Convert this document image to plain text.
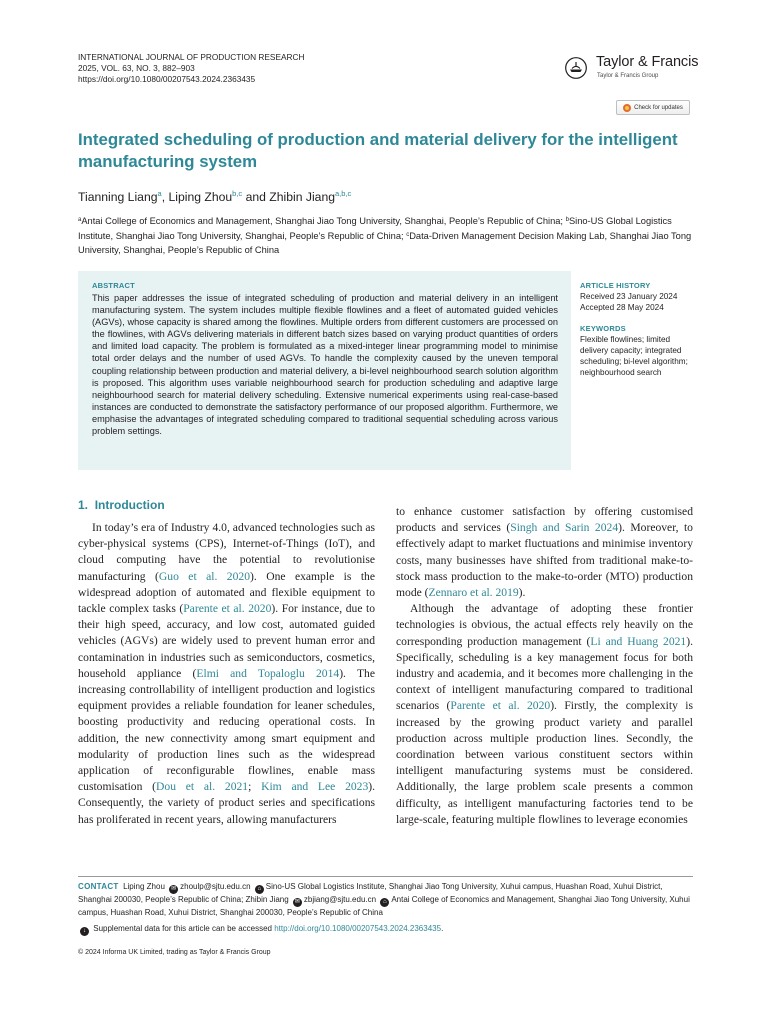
INTERNATIONAL JOURNAL OF PRODUCTION RESEARCH
2025, VOL. 63, NO. 3, 882–903
https://doi.org/10.1080/00207543.2024.2363435
Taylor & Francis
Taylor & Francis Group
Check for updates
Integrated scheduling of production and material delivery for the intelligent manufacturing system
Tianning Liang$^a$, Liping Zhou$^{b,c}$ and Zhibin Jiang$^{a,b,c}$
$^a$Antai College of Economics and Management, Shanghai Jiao Tong University, Shanghai, People’s Republic of China; $^b$Sino-US Global Logistics Institute, Shanghai Jiao Tong University, Shanghai, People’s Republic of China; $^c$Data-Driven Management Decision Making Lab, Shanghai Jiao Tong University, Shanghai, People’s Republic of China
ABSTRACT
This paper addresses the issue of integrated scheduling of production and material delivery in an intelligent manufacturing system. The system includes multiple flexible flowlines and a fleet of automated guided vehicles (AGVs), whose capacity is shared among the flowlines. Multiple orders from different customers are processed on the flowlines, with AGVs delivering materials in different batch sizes based on varying product quantities of orders and limited load capacity. The problem is formulated as a mixed-integer linear programming model to minimise total order delays and the number of used AGVs. To handle the complexity caused by the uneven temporal coupling relationship between production and material delivery, a bi-level neighbourhood search solution algorithm is proposed. This algorithm uses variable neighbourhood search for production scheduling and adaptive large neighbourhood search for material delivery scheduling. Extensive numerical experiments using real-case-based instances are conducted to demonstrate the satisfactory performance of our proposed algorithm. Furthermore, we emphasise the advantages of integrated scheduling compared to traditional sequential scheduling across various problem settings.
ARTICLE HISTORY
Received 23 January 2024
Accepted 28 May 2024
KEYWORDS
Flexible flowlines; limited delivery capacity; integrated scheduling; bi-level algorithm; neighbourhood search
1. Introduction

In today’s era of Industry 4.0, advanced technologies such as cyber-physical systems (CPS), Internet-of-Things (IoT), and cloud computing have the potential to revolutionise manufacturing (Guo et al. 2020). One example is the widespread adoption of automated and flexible equipment to tackle complex tasks (Parente et al. 2020). For instance, due to their high speed, accuracy, and low cost, automated guided vehicles (AGVs) are widely used to prevent human error and contamination in industries such as semiconductors, cosmetics, household appliance (Elmi and Topaloglu 2014). The increasing controllability of intelligent production and logistics equipment provides a reliable foundation for leaner schedules, boosting productivity and reducing operational costs. In addition, the new connectivity among smart equipment and modularity of production lines such as the widespread application of reconfigurable flowlines, enable mass customisation (Dou et al. 2021; Kim and Lee 2023). Consequently, the variety of product series and specifications has proliferated in recent years, allowing manufacturers

to enhance customer satisfaction by offering customised products and services (Singh and Sarin 2024). Moreover, to effectively adapt to market fluctuations and minimise inventory costs, many businesses have shifted from traditional make-to-stock mass production to the make-to-order (MTO) production mode (Zennaro et al. 2019).

Although the advantage of adopting these frontier technologies is obvious, the actual effects rely heavily on the corresponding production management (Li and Huang 2021). Specifically, scheduling is a key management focus for both industry and academia, and it becomes more challenging in the context of intelligent manufacturing compared to traditional scenarios (Parente et al. 2020). Firstly, the complexity is increased by the growing product variety and parallel production across multiple production lines. Secondly, the coordination between various constituent sectors within intelligent manufacturing systems must be considered. Additionally, the large problem scale presents a common difficulty, as intelligent manufacturing factories tend to be large-scale, featuring multiple flowlines to leverage economies

CONTACT Liping Zhou ✉ zhoulp@sjtu.edu.cn ⌂ Sino-US Global Logistics Institute, Shanghai Jiao Tong University, Xuhui campus, Huashan Road, Xuhui District, Shanghai 200030, People’s Republic of China; Zhibin Jiang ✉ zbjiang@sjtu.edu.cn ⌂ Antai College of Economics and Management, Shanghai Jiao Tong University, Xuhui campus, Huashan Road, Xuhui District, Shanghai 200030, People’s Republic of China
↓ Supplemental data for this article can be accessed http://doi.org/10.1080/00207543.2024.2363435.
© 2024 Informa UK Limited, trading as Taylor & Francis Group
